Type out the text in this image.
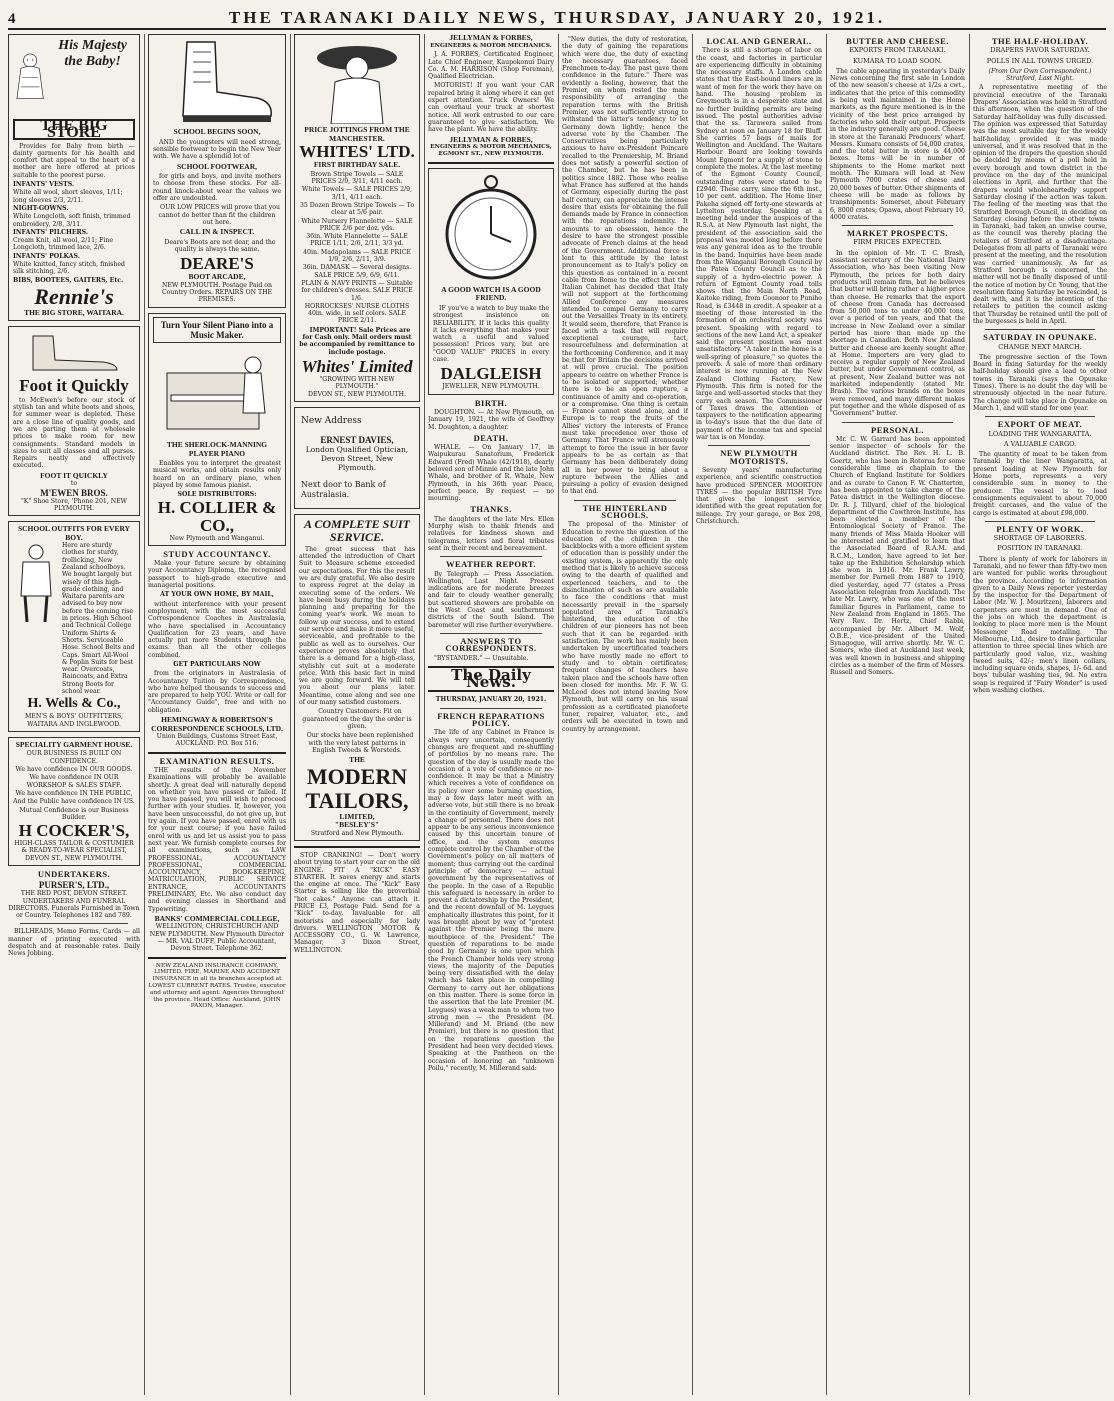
4	THE TARANAKI DAILY NEWS, THURSDAY, JANUARY 20, 1921.
His Majesty the Baby!
THE BIG STORE

Provides for Baby from birth — dainty garments for his health and comfort that appeal to the heart of a mother are here offered at prices suitable to the poorest purse.

INFANTS' VESTS.
White all wool, short sleeves, 1/11; long sleeves 2/3, 2/11.
NIGHT-GOWNS.
White Longcloth, soft finish, trimmed embroidery, 2/8, 3/11.
INFANTS' PILCHERS.
Cream Knit, all wool, 2/11; Fine Longcloth, trimmed lace, 2/6.
INFANTS' POLKAS.
White knitted, fancy stitch, finished silk stitching, 2/6.
BIBS, BOOTEES, GAITERS, Etc.
Rennie's
THE BIG STORE, WAITARA.
Foot it Quickly

to McEwen's before our stock of stylish tan and white boots and shoes, for summer wear is depleted. These are a close line of quality goods, and we are parting them at wholesale prices to make room for new consignments. Standard models in sizes to suit all classes and all purses. Repairs neatly and effectively executed.

FOOT IT QUICKLY
to
M'EWEN BROS.
"K" Shoe Store, 'Phone 201, NEW PLYMOUTH.
SCHOOL OUTFITS FOR EVERY BOY.
Here are sturdy clothes for sturdy, frollicking, New Zealand schoolboys. We bought largely but wisely of this high-grade clothing, and Waitara parents are advised to buy now before the coming rise in prices. High School and Technical College Uniform Shirts & Shorts. Serviceable Hose. School Belts and Caps. Smart All-Wool & Poplin Suits for best wear. Overcoats, Raincoats, and Extra Strong Boots for school wear.
H. Wells & Co.,
MEN'S & BOYS' OUTFITTERS, WAITARA AND INGLEWOOD.
SPECIALITY GARMENT HOUSE.
OUR BUSINESS IS BUILT ON CONFIDENCE.
We have confidence IN OUR GOODS.
We have confidence IN OUR WORKSHOP & SALES STAFF.
We have confidence IN THE PUBLIC,
And the Public have confidence IN US.
Mutual Confidence is our Business Builder.
H COCKER'S,
HIGH-CLASS TAILOR & COSTUMIER & READY-TO-WEAR SPECIALIST, DEVON ST., NEW PLYMOUTH.
UNDERTAKERS.
PURSER'S, LTD.,
THE RED POST, DEVON STREET. UNDERTAKERS AND FUNERAL DIRECTORS. Funerals Furnished in Town or Country. Telephones 182 and 789.

BILLHEADS, Memo Forms, Cards — all manner of printing executed with despatch and at reasonable rates. Daily News Jobbing.

SCHOOL BEGINS SOON,

AND the youngsters will need strong, sensible footwear to begin the New Year with. We have a splendid lot of

SCHOOL FOOTWEAR,

for girls and boys, and invite mothers to choose from these stocks. For all-round knock-about wear the values we offer are undoubted.

OUR LOW PRICES will prove that you cannot do better than fit the children out here.

CALL IN & INSPECT.

Deare's Boots are not dear, and the quality is always the same.

DEARE'S
BOOT ARCADE,
NEW PLYMOUTH. Postage Paid on Country Orders. REPAIRS ON THE PREMISES.
Turn Your Silent Piano into a Music Maker.
THE SHERLOCK-MANNING PLAYER PIANO

Enables you to interpret the greatest musical works, and obtain results only heard on an ordinary piano, when played by some famous pianist.

SOLE DISTRIBUTORS:
H. COLLIER & CO.,
New Plymouth and Wanganui.
STUDY ACCOUNTANCY.

Make your future secure by obtaining your Accountancy Diploma, the recognised passport to high-grade executive and managerial positions.

AT YOUR OWN HOME, BY MAIL,

without interference with your present employment, with the most successful Correspondence Coaches in Australasia, who have specialised in Accountancy Qualification for 23 years, and have actually put more Students through the exams. than all the other colleges combined.

GET PARTICULARS NOW

from the originators in Australasia of Accountancy Tuition by Correspondence, who have helped thousands to success and are prepared to help YOU. Write or call for "Accountancy Guide", free and with no obligation.

HEMINGWAY & ROBERTSON'S CORRESPONDENCE SCHOOLS, LTD.
Union Buildings, Customs Street East, AUCKLAND. P.O. Box 516.
EXAMINATION RESULTS.

THE results of the November Examinations will probably be available shortly. A great deal will naturally depend on whether you have passed or failed. If you have passed, you will wish to proceed further with your studies. If, however, you have been unsuccessful, do not give up, but try again. If you have passed, enrol with us for your next course; if you have failed enrol with us and let us assist you to pass next year. We furnish complete courses for all examinations, such as LAW PROFESSIONAL, ACCOUNTANCY PROFESSIONAL, COMMERCIAL ACCOUNTANCY, BOOK-KEEPING, MATRICULATION, PUBLIC SERVICE ENTRANCE, ACCOUNTANTS PRELIMINARY, Etc. We also conduct day and evening classes in Shorthand and Typewriting.

BANKS' COMMERCIAL COLLEGE,
WELLINGTON, CHRISTCHURCH AND NEW PLYMOUTH. New Plymouth Director — MR. VAL DUFF, Public Accountant, Devon Street. Telephone 362.
NEW ZEALAND INSURANCE COMPANY, LIMITED. FIRE, MARINE AND ACCIDENT INSURANCE in all its branches accepted at LOWEST CURRENT RATES. Trustee, executor and attorney and agent. Agencies throughout the province. Head Office: Auckland. JOHN PAXON, Manager.
PRICE JOTTINGS FROM THE MANCHESTER.
WHITES' LTD.
FIRST BIRTHDAY SALE.
Brown Stripe Towels — SALE PRICES 2/9, 3/11, 4/11 each.
White Towels — SALE PRICES 2/9, 3/11, 4/11 each.
35 Dozen Brown Stripe Towels — To clear at 5/6 pair.
White Nursery Flannelette — SALE PRICE 2/6 per doz. yds.
36in. White Flannelette — SALE PRICE 1/11, 2/6, 2/11, 3/3 yd.
40in. Madapolams — SALE PRICE 1/9, 2/6, 2/11, 3/9.
36in. DAMASK — Several designs. SALE PRICE 5/9, 6/9, 6/11.
PLAIN & NAVY PRINTS — Suitable for children's dresses. SALE PRICE 1/6.
HORROCKSES' NURSE CLOTHS 40in. wide, in self colors. SALE PRICE 2/11.

IMPORTANT! Sale Prices are for Cash only. Mail orders must be accompanied by remittance to include postage.

Whites' Limited
"GROWING WITH NEW PLYMOUTH."
DEVON ST., NEW PLYMOUTH.
New Address
ERNEST DAVIES,
London Qualified Optician, Devon Street, New Plymouth.
Next door to Bank of Australasia.
A COMPLETE SUIT SERVICE.

The great success that has attended the introduction of Chart Suit to Measure scheme exceeded our expectations. For this the result we are duly grateful. We also desire to express regret at the delay in executing some of the orders. We have been busy during the holidays planning and preparing for the coming year's work. We mean to follow up our success, and to extend our service and make it more useful, serviceable, and profitable to the public as well as to ourselves. Our experience proves absolutely that there is a demand for a high-class, stylishly cut suit at a moderate price. With this basic fact in mind we are going forward. We will tell you about our plans later. Meantime, come along and see one of our many satisfied customers.

Country Customers: Fit on guaranteed on the day the order is given.

Our stocks have been replenished with the very latest patterns in English Tweeds & Worsteds.

THE
MODERN TAILORS,
LIMITED,
"BESLEY'S"
Stratford and New Plymouth.

STOP CRANKING! — Don't worry about trying to start your car on the old ENGINE. FIT A "KICK" EASY STARTER. It saves energy and starts the engine at once. The "Kick" Easy Starter is selling like the proverbial "hot cakes." Anyone can attach it. PRICE £3, Postage Paid. Send for a "Kick" to-day. Invaluable for all motorists and especially for lady drivers. WELLINGTON MOTOR & ACCESSORY CO., G. W. Lawrence, Manager, 3 Dixon Street, WELLINGTON.

JELLYMAN & FORBES,
ENGINEERS & MOTOR MECHANICS.

J. A. FORBES, Certificated Engineer, Late Chief Engineer, Kaupokonui Dairy Co. A. M. HARRISON (Shop Foreman), Qualified Electrician.

MOTORIST! If you want your CAR repaired bring it along where it can get expert attention. Truck Owners! We can overhaul your truck at shortest notice. All work entrusted to our care guaranteed to give satisfaction. We have the plant. We have the ability.

JELLYMAN & FORBES,
ENGINEERS & MOTOR MECHANICS, EGMONT ST., NEW PLYMOUTH.
A GOOD WATCH IS A GOOD FRIEND.

IF you've a watch to buy make the strongest insistence on RELIABILITY. If it lacks this quality it lacks everything that makes your watch a useful and valued possession! Prices vary, but are "GOOD VALUE" PRICES in every case.

DALGLEISH
JEWELLER, NEW PLYMOUTH.
BIRTH.

DOUGHTON. — At New Plymouth, on January 19, 1921, the wife of Geoffrey M. Doughton, a daughter.

DEATH.

WHALE. — On January 17, in Waipukurau Sanatorium, Frederick Edward (Fred) Whale (42/1918), dearly beloved son of Minnie and the late John Whale, and brother of R. Whale, New Plymouth, in his 36th year. Peace, perfect peace. By request — no mourning.

THANKS.

The daughters of the late Mrs. Ellen Murphy wish to thank friends and relatives for kindness shown and telegrams, letters and floral tributes sent in their recent and bereavement.

WEATHER REPORT.

By Telegraph — Press Association. Wellington, Last Night. Present indications are for moderate breezes and fair to cloudy weather generally, but scattered showers are probable on the West Coast and southernmost districts of the South Island. The barometer will rise further everywhere.

ANSWERS TO CORRESPONDENTS.

"BYSTANDER." — Unsuitable.

The Daily News.
THURSDAY, JANUARY 20, 1921.
FRENCH REPARATIONS POLICY.

The life of any Cabinet in France is always very uncertain, consequently changes are frequent and re-shuffling of portfolios by no means rare. The question of the day is usually made the occasion of a vote of confidence or no-confidence. It may be that a Ministry which receives a vote of confidence on its policy over some burning question, may a few days later meet with an adverse vote, but still there is no break in the continuity of Government, merely a change of personnel. There does not appear to be any serious inconvenience caused by this uncertain tenure of office, and the system ensures complete control by the Chamber of the Government's policy on all matters of moment; thus carrying out the cardinal principle of democracy — actual government by the representatives of the people. In the case of a Republic this safeguard is necessary in order to prevent a dictatorship by the President, and the recent downfall of M. Leygues emphatically illustrates this point, for it was brought about by way of "protest against the Premier being the mere mouthpiece of the President." The question of reparations to be made good by Germany is one upon which the French Chamber holds very strong views, the majority of the Deputies being very dissatisfied with the delay which has taken place in compelling Germany to carry out her obligations on this matter. There is some force in the assertion that the late Premier (M. Leygues) was a weak man to whom two strong men — the President (M. Millerand) and M. Briand (the new Premier), but there is no question that on the reparations question the President had been very decided views. Speaking at the Pantheon on the occasion of honoring an "unknown Poilu," recently, M. Millerand said:

"New duties, the duty of restoration, the duty of gaining the reparations which were due, the duty of exacting the necessary guarantees, faced Frenchmen to-day. The past gave them confidence in the future." There was evidently a feeling, however, that the Premier, on whom rested the main responsibility of arranging the reparation terms with the British Premier, was not sufficiently strong to withstand the latter's tendency to let Germany down lightly; hence the adverse vote by the Chamber. The Conservatives being particularly anxious to have ex-President Poincare recalled to the Premiership, M. Briand does not satisfy a powerful section of the Chamber, but he has been in politics since 1882. Those who realise what France has suffered at the hands of Germany, especially during the past half century, can appreciate the intense desire that exists for obtaining the full demands made by France in connection with the reparations indemnity. It amounts to an obsession, hence the desire to have the strongest possible advocate of French claims at the head of the Government. Additional force is lent to this attitude by the latest pronouncement as to Italy's policy on this question as contained in a recent cable from Rome to the effect that the Italian Cabinet has decided that Italy will not support at the forthcoming Allied Conference any measures intended to compel Germany to carry out the Versailles Treaty in its entirety. It would seem, therefore, that France is faced with a task that will require exceptional courage, tact, resourcefulness and determination at the forthcoming Conference, and it may be that for Britain the decisions arrived at will prove crucial. The position appears to centre on whether France is to be isolated or supported; whether there is to be an open rupture, a continuance of amity and co-operation, or a compromise. One thing is certain — France cannot stand alone, and if Europe is to reap the fruits of the Allies' victory the interests of France must take precedence over those of Germany. That France will strenuously attempt to force the issue in her favor appears to be as certain as that Germany has been deliberately doing all in her power to bring about a rupture between the Allies and pursuing a policy of evasion designed to that end.

THE HINTERLAND SCHOOLS.

The proposal of the Minister of Education to revive the question of the education of the children in the backblocks with a more efficient system of education than is possibly under the existing system, is apparently the only method that is likely to achieve success owing to the dearth of qualified and experienced teachers, and to the disinclination of such as are available to face the conditions that must necessarily prevail in the sparsely populated area of Taranaki's hinterland, the education of the children of our pioneers has not been such that it can be regarded with satisfaction. The work has mainly been undertaken by uncertificated teachers who have mostly made no effort to study and to obtain certificates; frequent changes of teachers have taken place and the schools have often been closed for months. Mr. F. W. G. McLeod does not intend leaving New Plymouth, but will carry on his usual profession as a certificated pianoforte tuner, repairer, valuator, etc., and orders will be executed in town and country by arrangement.

LOCAL AND GENERAL.

There is still a shortage of labor on the coast, and factories in particular are experiencing difficulty in obtaining the necessary staffs. A London cable states that the East-bound liners are in want of men for the work they have on hand. The housing problem in Greymouth is in a desperate state and no further building permits are being issued. The postal authorities advise that the ss. Tarawera sailed from Sydney at noon on January 18 for Bluff. She carries 57 bags of mails for Wellington and Auckland. The Waitara Harbour Board are looking towards Mount Egmont for a supply of stone to complete the moles. At the last meeting of the Egmont County Council, outstanding rates were stated to be £2940. These carry, since the 6th inst., 10 per cent. addition. The Home liner Pakeha signed off forty-one stewards at Lyttelton yesterday. Speaking at a meeting held under the auspices of the R.S.A. at New Plymouth last night, the president of the association said the proposal was mooted long before there was any general idea as to the trouble in the band. Inquiries have been made from the Wanganui Borough Council by the Patea County Council as to the supply of a hydro-electric power. A return of Egmont County road tolls shows that the Main North Road, Kaitoke riding, from Coonoor to Puniho Road, is £3448 in credit. A speaker at a meeting of those interested in the formation of an orchestral society was present. Speaking with regard to sections of the new Land Act, a speaker said the present position was most unsatisfactory. "A taker in the home is a well-spring of pleasure," so quotes the proverb. A sale of more than ordinary interest is now running at the New Zealand Clothing Factory, New Plymouth. This firm is noted for the large and well-assorted stocks that they carry each season. The Commissioner of Taxes draws the attention of taxpayers to the notification appearing in to-day's issue that the due date of payment of the income tax and special war tax is on Monday.

NEW PLYMOUTH MOTORISTS.

Seventy years' manufacturing experience, and scientific construction have produced SPENCER MOORTON TYRES — the popular BRITISH Tyre that gives the longest service, identified with the great reputation for mileage. Try your garage, or Box 298, Christchurch.

BUTTER AND CHEESE.
EXPORTS FROM TARANAKI.
KUMARA TO LOAD SOON.

The cable appearing in yesterday's Daily News concerning the first sale in London of the new season's cheese at 1/2s a cwt., indicates that the price of this commodity is being well maintained in the Home markets, as the figure mentioned is in the vicinity of the best price arranged by factories who sold their output. Prospects in the industry generally are good. Cheese in store at the Taranaki Producers' wharf, Messrs. Kumara consists of 54,000 crates, and the total butter in store is 44,000 boxes. Items will be in number of shipments to the Home market next month. The Kumara will load at New Plymouth 7000 crates of cheese and 20,000 boxes of butter. Other shipments of cheese will be made as follows by transhipments: Somerset, about February 6, 8000 crates; Opawa, about February 10, 4000 crates.

MARKET PROSPECTS.
FIRM PRICES EXPECTED.

In the opinion of Mr. T. C. Brash, assistant secretary of the National Dairy Association, who has been visiting New Plymouth, the prices for both dairy products will remain firm, but he believes that butter will bring rather a higher price than cheese. He remarks that the export of cheese from Canada has decreased from 50,000 tons to under 40,000 tons, over a period of ten years, and that the increase in New Zealand over a similar period has more than made up the shortage in Canadian. Both New Zealand butter and cheese are keenly sought after at Home. Importers are very glad to receive a regular supply of New Zealand butter, but under Government control, as at present, New Zealand butter was not marketed independently (stated Mr. Brash). The various brands on the boxes were removed, and many different makes put together and the whole disposed of as "Government" butter.

PERSONAL.

Mr. C. W. Garrard has been appointed senior inspector of schools for the Auckland district. The Rev. H. L. B. Goertz, who has been in Rotorua for some considerable time as chaplain to the Church of England Institute for Soldiers and as curate to Canon F. W. Chatterton, has been appointed to take charge of the Patea district in the Wellington diocese. Dr. R. J. Tillyard, chief of the biological department of the Cawthron Institute, has been elected a member of the Entomological Society of France. The many friends of Miss Maida Hooker will be interested and gratified to learn that the Associated Board of R.A.M. and R.C.M., London, have agreed to let her take up the Exhibition Scholarship which she won in 1916. Mr. Frank Lawry, member for Parnell from 1887 to 1910, died yesterday, aged 77 (states a Press Association telegram from Auckland). The late Mr. Lawry, who was one of the most familiar figures in Parliament, came to New Zealand from England in 1865. The Very Rev. Dr. Hertz, Chief Rabbi, accompanied by Mr. Albert M. Wolf, O.B.E., vice-president of the United Synagogue, will arrive shortly. Mr. W. C. Somers, who died at Auckland last week, was well known in business and shipping circles as a member of the firm of Messrs. Russell and Somers.

THE HALF-HOLIDAY.
DRAPERS FAVOR SATURDAY.
POLLS IN ALL TOWNS URGED.
(From Our Own Correspondent.) Stratford, Last Night.

A representative meeting of the provincial executive of the Taranaki Drapers' Association was held in Stratford this afternoon, when the question of the Saturday half-holiday was fully discussed. The opinion was expressed that Saturday was the most suitable day for the weekly half-holiday, provided it was made universal, and it was resolved that in the opinion of the drapers the question should be decided by means of a poll held in every borough and town district in the province on the day of the municipal elections in April, and further that the drapers would wholeheartedly support Saturday closing if the action was taken. The feeling of the meeting was that the Stratford Borough Council, in deciding on Saturday closing before the other towns in Taranaki, had taken an unwise course, as the council was thereby placing the retailers of Stratford at a disadvantage. Delegates from all parts of Taranaki were present at the meeting, and the resolution was carried unanimously. As far as Stratford borough is concerned, the matter will not be finally disposed of until the notice of motion by Cr. Young, that the resolution fixing Saturday be rescinded, is dealt with, and it is the intention of the retailers to petition the council asking that Thursday be retained until the poll of the burgesses is held in April.

SATURDAY IN OPUNAKE.
CHANGE NEXT MARCH.

The progressive section of the Town Board in fixing Saturday for the weekly half-holiday should give a lead to other towns in Taranaki (says the Opunake Times). There is no doubt the day will be strenuously objected in the near future. The change will take place in Opunake on March 1, and will stand for one year.

EXPORT OF MEAT.
LOADING THE WANGARATTA.
A VALUABLE CARGO.

The quantity of meat to be taken from Taranaki by the liner Wangaratta, at present loading at New Plymouth for Home ports, represents a very considerable sum in money to the producer. The vessel is to load consignments equivalent to about 70,000 freight carcases, and the value of the cargo is estimated at about £98,000.

PLENTY OF WORK.
SHORTAGE OF LABORERS.
POSITION IN TARANAKI.

There is plenty of work for laborers in Taranaki, and no fewer than fifty-two men are wanted for public works throughout the province. According to information given to a Daily News reporter yesterday by the inspector for the Department of Labor (Mr. W. J. Mouritzen), laborers and carpenters are most in demand. One of the jobs on which the department is looking to place more men is the Mount Messenger Road metalling. The Melbourne, Ltd., desire to draw particular attention to three special lines which are particularly good value, viz., washing tweed suits, 42/-; men's linen collars, including square ends, shapes, 1/- 6d. and boys' tubular washing ties, 9d. No extra soap is required if "Fairy Wonder" is used when washing clothes.
